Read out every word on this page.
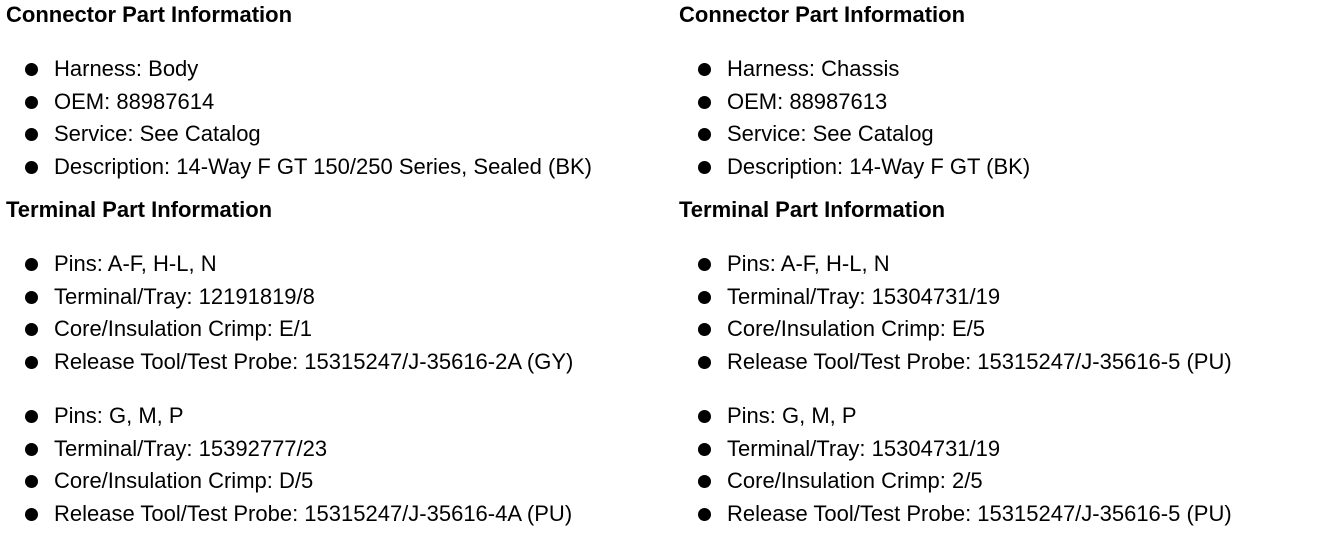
Connector Part Information
Harness: Body
OEM: 88987614
Service: See Catalog
Description: 14-Way F GT 150/250 Series, Sealed (BK)
Terminal Part Information
Pins: A-F, H-L, N
Terminal/Tray: 12191819/8
Core/Insulation Crimp: E/1
Release Tool/Test Probe: 15315247/J-35616-2A (GY)
Pins: G, M, P
Terminal/Tray: 15392777/23
Core/Insulation Crimp: D/5
Release Tool/Test Probe: 15315247/J-35616-4A (PU)
Connector Part Information
Harness: Chassis
OEM: 88987613
Service: See Catalog
Description: 14-Way F GT (BK)
Terminal Part Information
Pins: A-F, H-L, N
Terminal/Tray: 15304731/19
Core/Insulation Crimp: E/5
Release Tool/Test Probe: 15315247/J-35616-5 (PU)
Pins: G, M, P
Terminal/Tray: 15304731/19
Core/Insulation Crimp: 2/5
Release Tool/Test Probe: 15315247/J-35616-5 (PU)
